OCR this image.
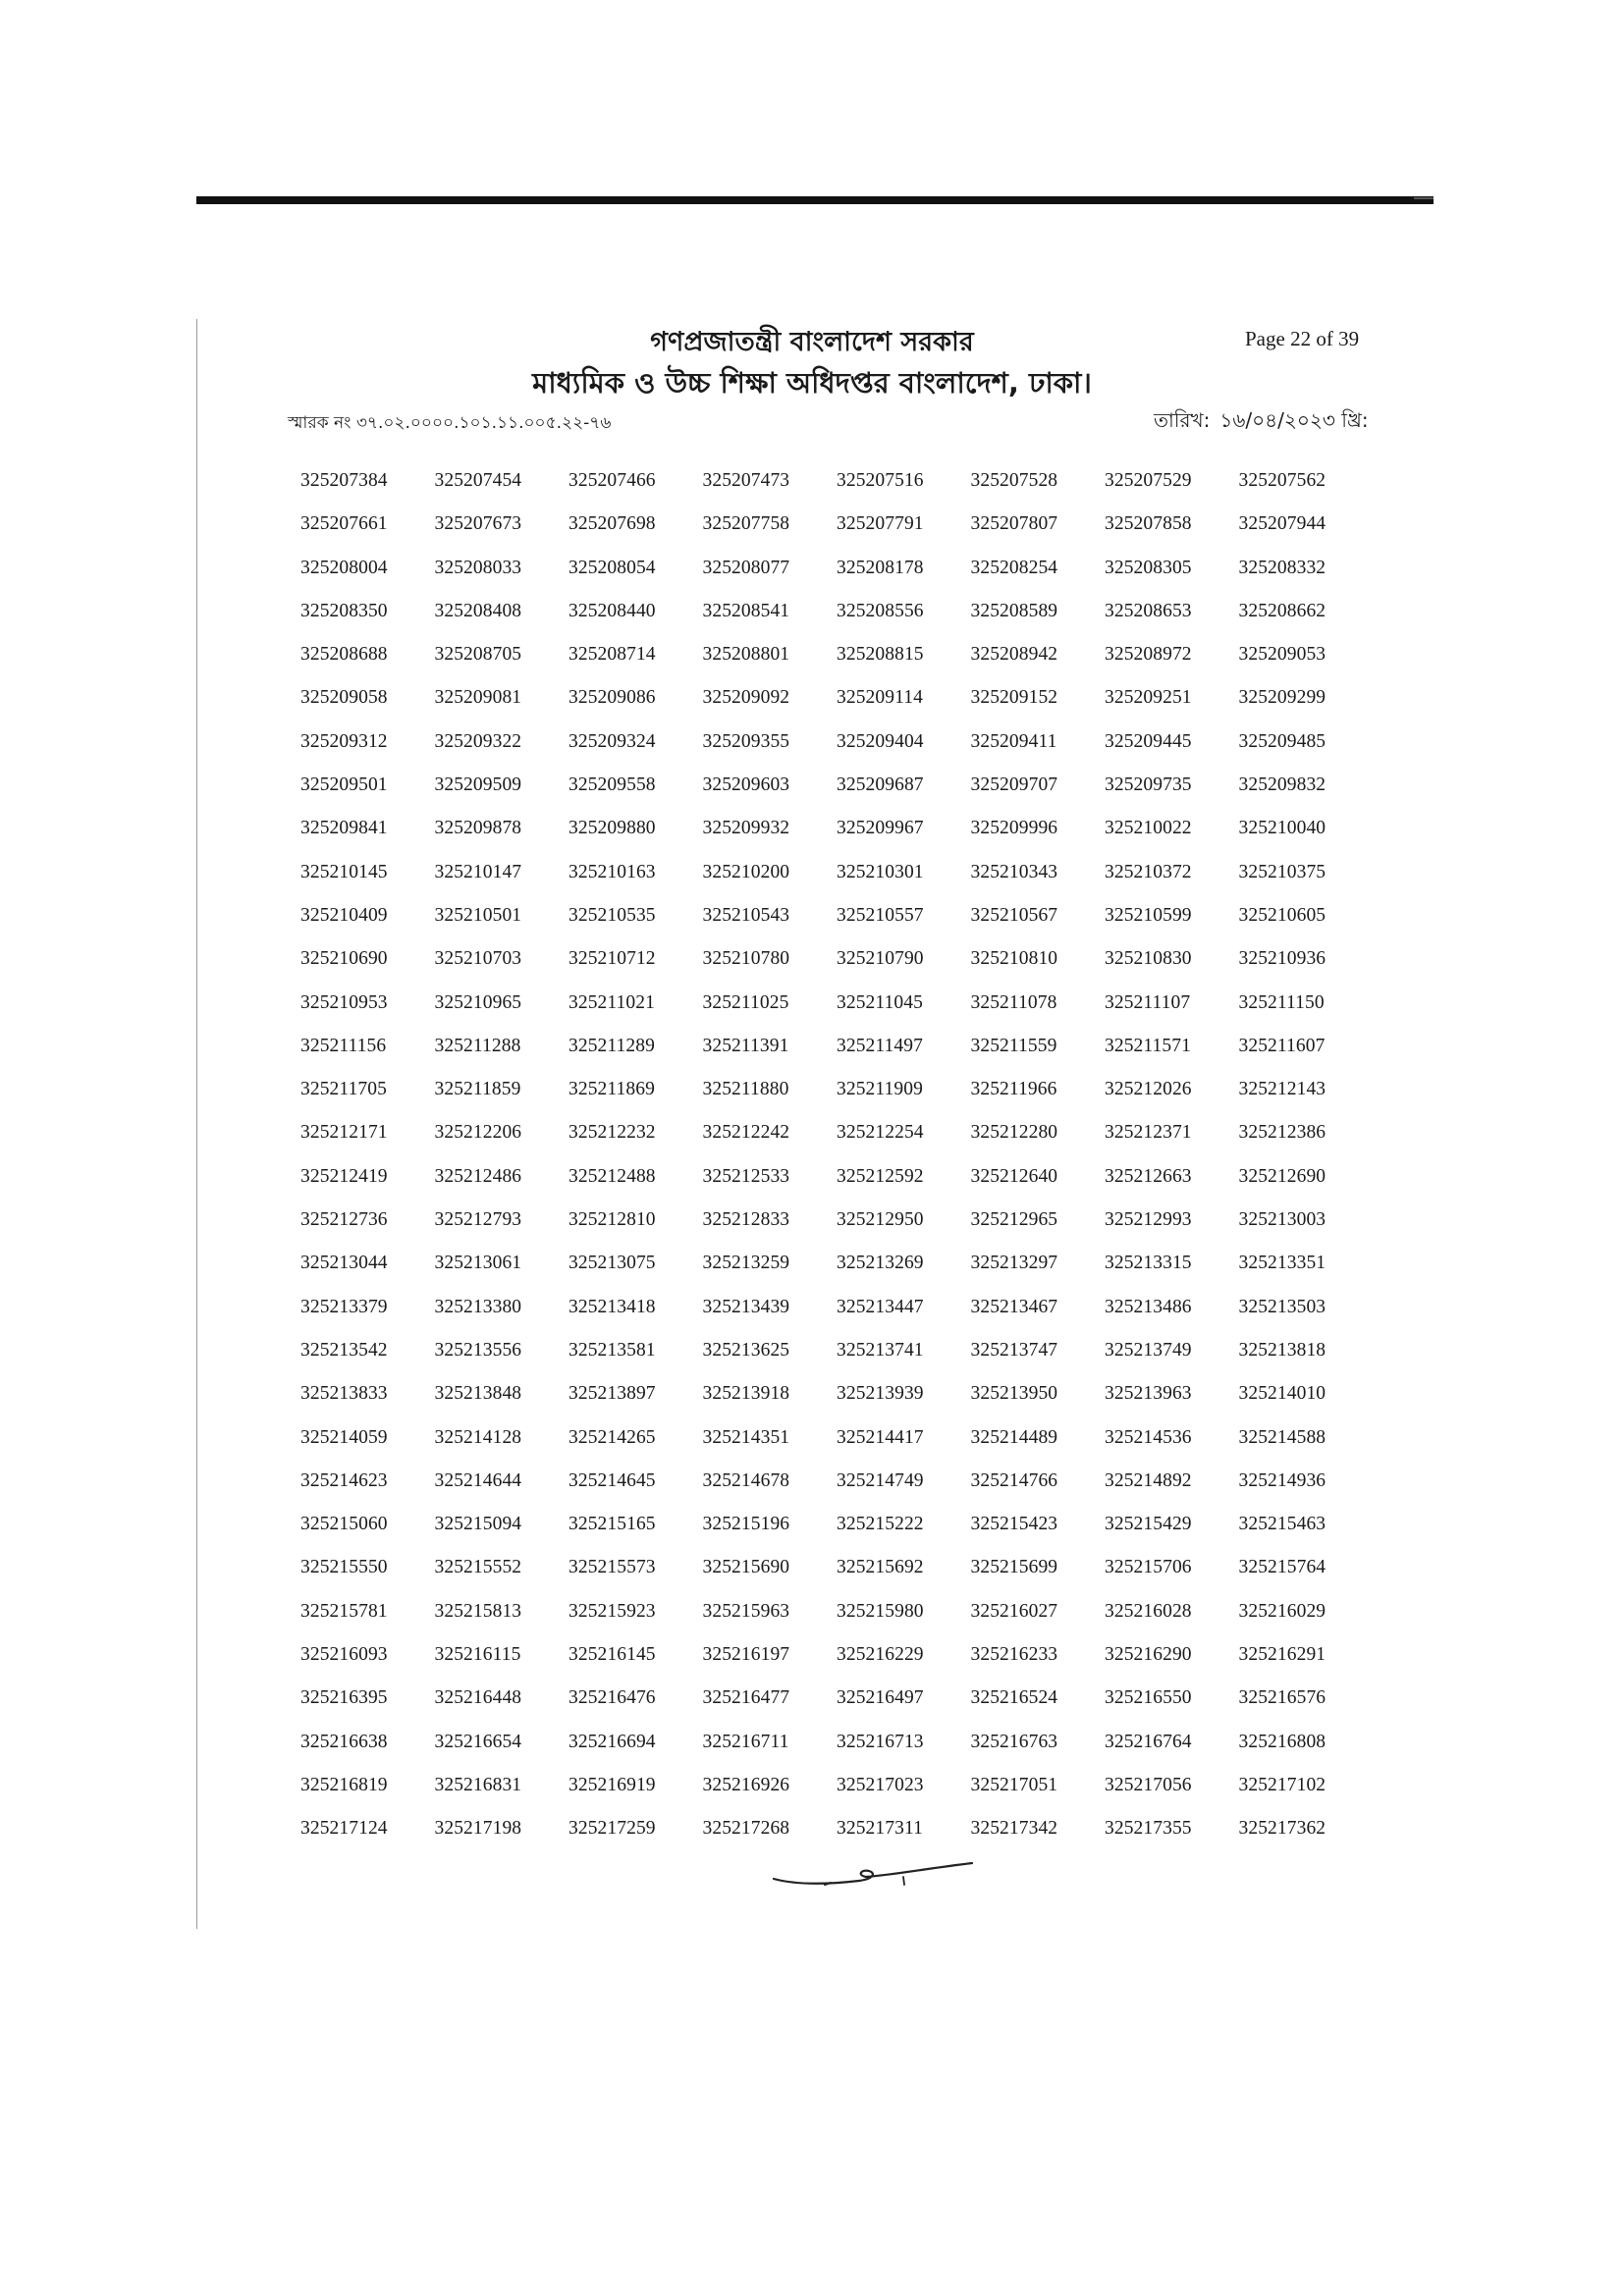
গণপ্রজাতন্ত্রী বাংলাদেশ সরকার
মাধ্যমিক ও উচ্চ শিক্ষা অধিদপ্তর বাংলাদেশ, ঢাকা।
Page 22 of 39
স্মারক নং ৩৭.০২.০০০০.১০১.১১.০০৫.২২-৭৬	তারিখ: ১৬/০৪/২০২৩ খ্রি:
325207384	325207454	325207466	325207473	325207516	325207528	325207529	325207562
325207661	325207673	325207698	325207758	325207791	325207807	325207858	325207944
325208004	325208033	325208054	325208077	325208178	325208254	325208305	325208332
325208350	325208408	325208440	325208541	325208556	325208589	325208653	325208662
325208688	325208705	325208714	325208801	325208815	325208942	325208972	325209053
325209058	325209081	325209086	325209092	325209114	325209152	325209251	325209299
325209312	325209322	325209324	325209355	325209404	325209411	325209445	325209485
325209501	325209509	325209558	325209603	325209687	325209707	325209735	325209832
325209841	325209878	325209880	325209932	325209967	325209996	325210022	325210040
325210145	325210147	325210163	325210200	325210301	325210343	325210372	325210375
325210409	325210501	325210535	325210543	325210557	325210567	325210599	325210605
325210690	325210703	325210712	325210780	325210790	325210810	325210830	325210936
325210953	325210965	325211021	325211025	325211045	325211078	325211107	325211150
325211156	325211288	325211289	325211391	325211497	325211559	325211571	325211607
325211705	325211859	325211869	325211880	325211909	325211966	325212026	325212143
325212171	325212206	325212232	325212242	325212254	325212280	325212371	325212386
325212419	325212486	325212488	325212533	325212592	325212640	325212663	325212690
325212736	325212793	325212810	325212833	325212950	325212965	325212993	325213003
325213044	325213061	325213075	325213259	325213269	325213297	325213315	325213351
325213379	325213380	325213418	325213439	325213447	325213467	325213486	325213503
325213542	325213556	325213581	325213625	325213741	325213747	325213749	325213818
325213833	325213848	325213897	325213918	325213939	325213950	325213963	325214010
325214059	325214128	325214265	325214351	325214417	325214489	325214536	325214588
325214623	325214644	325214645	325214678	325214749	325214766	325214892	325214936
325215060	325215094	325215165	325215196	325215222	325215423	325215429	325215463
325215550	325215552	325215573	325215690	325215692	325215699	325215706	325215764
325215781	325215813	325215923	325215963	325215980	325216027	325216028	325216029
325216093	325216115	325216145	325216197	325216229	325216233	325216290	325216291
325216395	325216448	325216476	325216477	325216497	325216524	325216550	325216576
325216638	325216654	325216694	325216711	325216713	325216763	325216764	325216808
325216819	325216831	325216919	325216926	325217023	325217051	325217056	325217102
325217124	325217198	325217259	325217268	325217311	325217342	325217355	325217362
